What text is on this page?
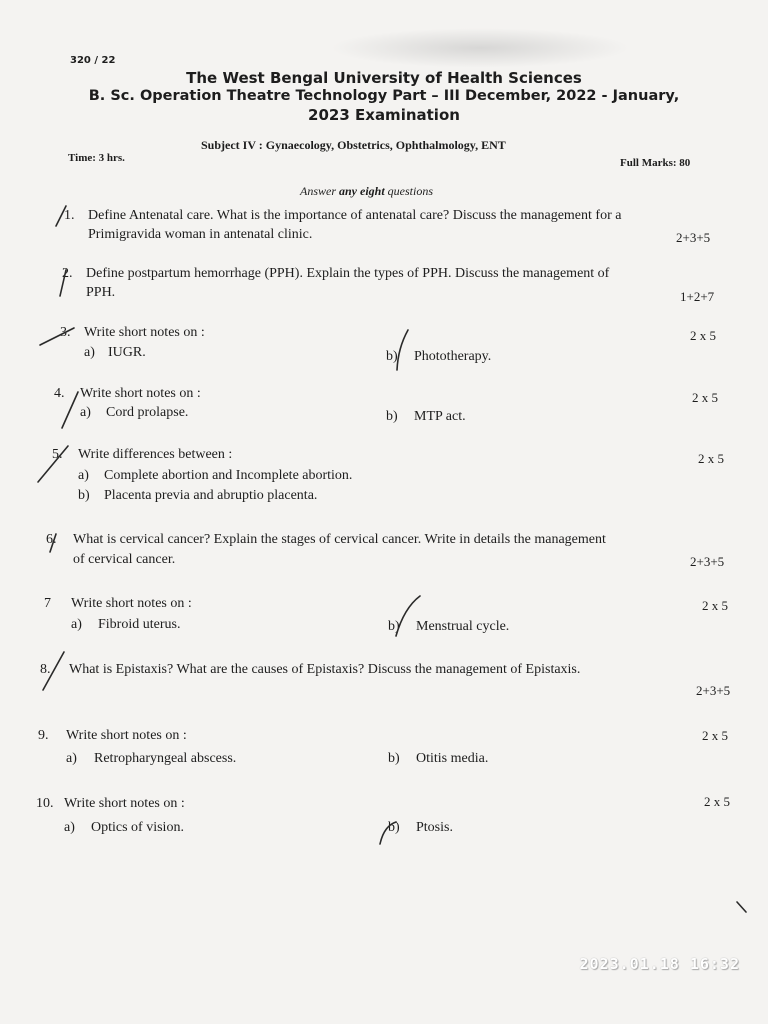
320 / 22
The West Bengal University of Health Sciences
B. Sc. Operation Theatre Technology Part – III December, 2022 - January,
2023 Examination
Subject IV : Gynaecology, Obstetrics, Ophthalmology, ENT
Time: 3 hrs.	Full Marks: 80
Answer any eight questions
1. Define Antenatal care. What is the importance of antenatal care? Discuss the management for a
Primigravida woman in antenatal clinic.	2+3+5
2. Define postpartum hemorrhage (PPH). Explain the types of PPH. Discuss the management of
PPH.	1+2+7
3. Write short notes on :	2 x 5
a) IUGR.	b) Phototherapy.
4. Write short notes on :	2 x 5
a) Cord prolapse.	b) MTP act.
5. Write differences between :	2 x 5
a) Complete abortion and Incomplete abortion.
b) Placenta previa and abruptio placenta.
6. What is cervical cancer? Explain the stages of cervical cancer. Write in details the management
of cervical cancer.	2+3+5
7 Write short notes on :	2 x 5
a) Fibroid uterus.	b) Menstrual cycle.
8. What is Epistaxis? What are the causes of Epistaxis? Discuss the management of Epistaxis.
2+3+5
9. Write short notes on :	2 x 5
a) Retropharyngeal abscess.	b) Otitis media.
10. Write short notes on :	2 x 5
a) Optics of vision.	b) Ptosis.
2023.01.18 16:32
